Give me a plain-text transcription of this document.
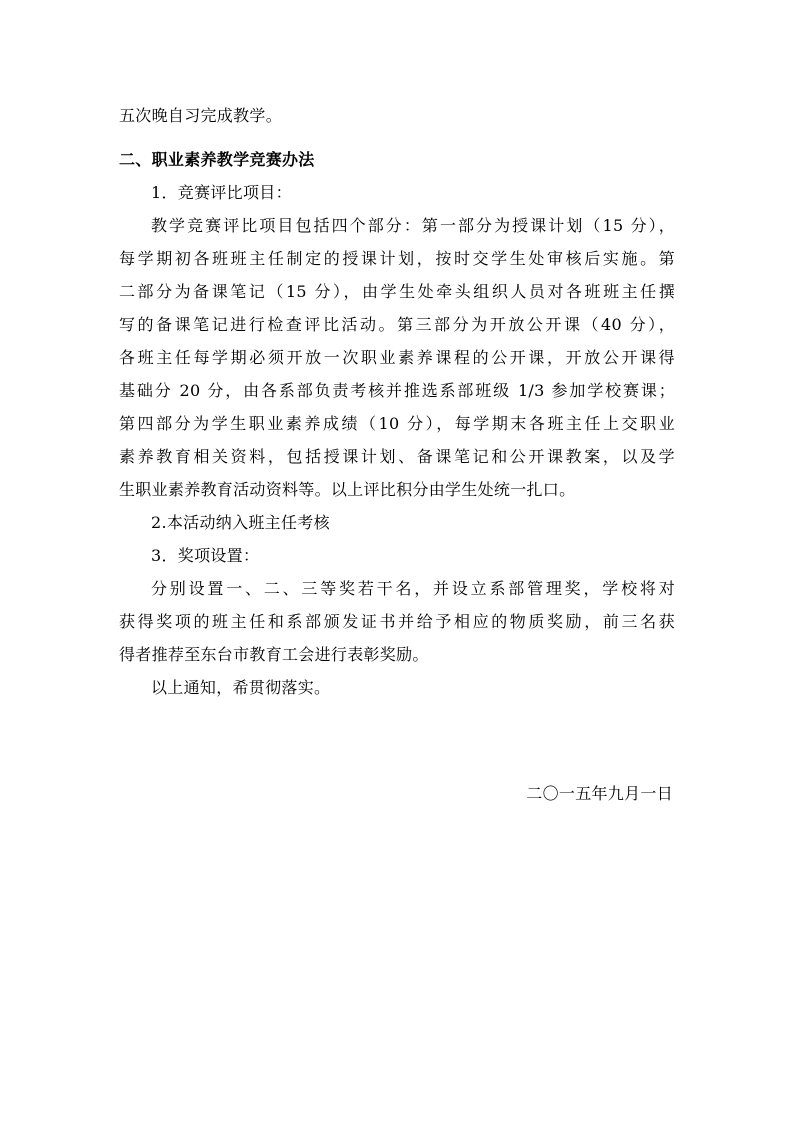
五次晚自习完成教学。
二、职业素养教学竞赛办法
1．竞赛评比项目：
教学竞赛评比项目包括四个部分：第一部分为授课计划（15 分），
每学期初各班班主任制定的授课计划，按时交学生处审核后实施。第
二部分为备课笔记（15 分），由学生处牵头组织人员对各班班主任撰
写的备课笔记进行检查评比活动。第三部分为开放公开课（40 分），
各班主任每学期必须开放一次职业素养课程的公开课，开放公开课得
基础分 20 分，由各系部负责考核并推选系部班级 1/3 参加学校赛课；
第四部分为学生职业素养成绩（10 分），每学期末各班主任上交职业
素养教育相关资料，包括授课计划、备课笔记和公开课教案，以及学
生职业素养教育活动资料等。以上评比积分由学生处统一扎口。
2.本活动纳入班主任考核
3．奖项设置：
分别设置一、二、三等奖若干名，并设立系部管理奖，学校将对
获得奖项的班主任和系部颁发证书并给予相应的物质奖励，前三名获
得者推荐至东台市教育工会进行表彰奖励。
以上通知，希贯彻落实。
二〇一五年九月一日
